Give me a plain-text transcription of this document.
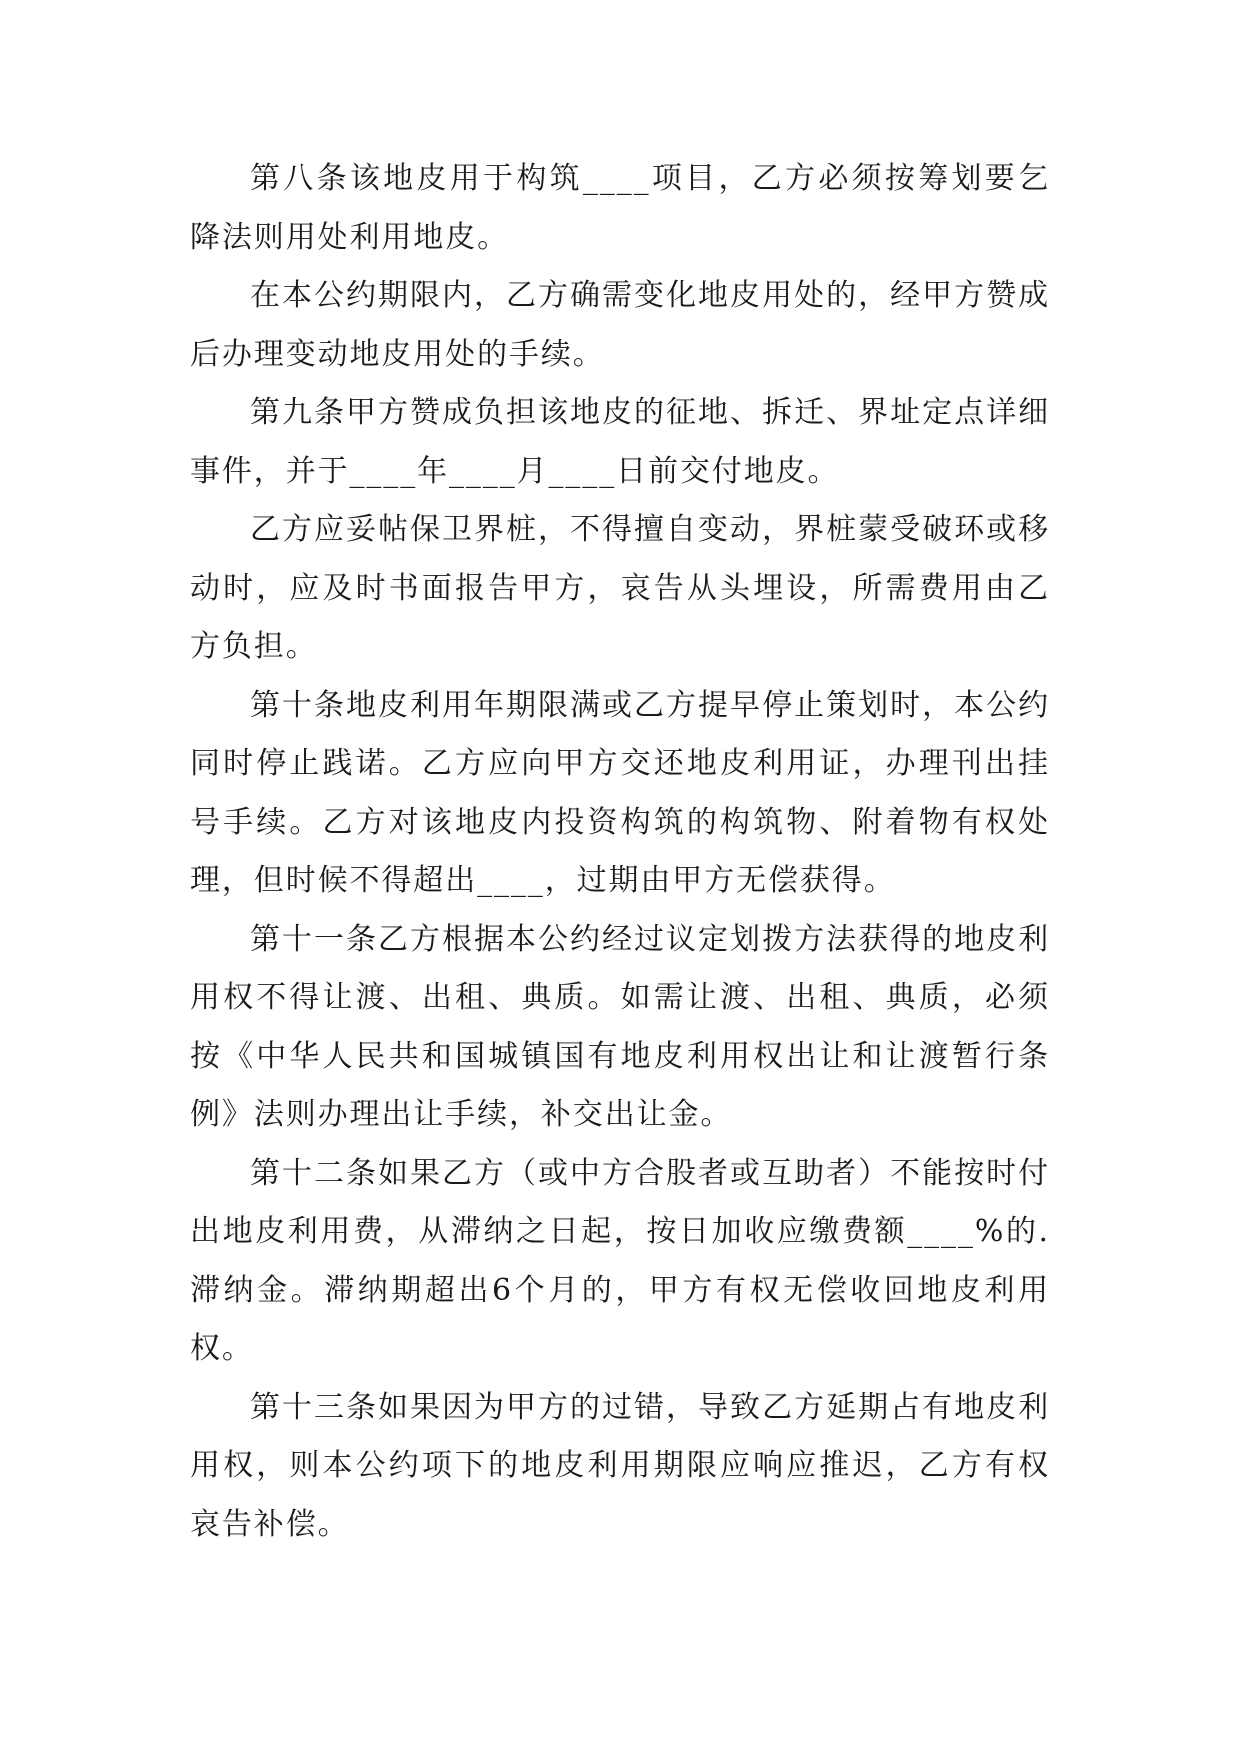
第八条该地皮用于构筑____项目，乙方必须按筹划要乞降法则用处利用地皮。

在本公约期限内，乙方确需变化地皮用处的，经甲方赞成后办理变动地皮用处的手续。

第九条甲方赞成负担该地皮的征地、拆迁、界址定点详细事件，并于____年____月____日前交付地皮。

乙方应妥帖保卫界桩，不得擅自变动，界桩蒙受破环或移动时，应及时书面报告甲方，哀告从头埋设，所需费用由乙方负担。

第十条地皮利用年期限满或乙方提早停止策划时，本公约同时停止践诺。乙方应向甲方交还地皮利用证，办理刊出挂号手续。乙方对该地皮内投资构筑的构筑物、附着物有权处理，但时候不得超出____，过期由甲方无偿获得。

第十一条乙方根据本公约经过议定划拨方法获得的地皮利用权不得让渡、出租、典质。如需让渡、出租、典质，必须按《中华人民共和国城镇国有地皮利用权出让和让渡暂行条例》法则办理出让手续，补交出让金。

第十二条如果乙方（或中方合股者或互助者）不能按时付出地皮利用费，从滞纳之日起，按日加收应缴费额____%的.滞纳金。滞纳期超出6个月的，甲方有权无偿收回地皮利用权。

第十三条如果因为甲方的过错，导致乙方延期占有地皮利用权，则本公约项下的地皮利用期限应响应推迟，乙方有权哀告补偿。
